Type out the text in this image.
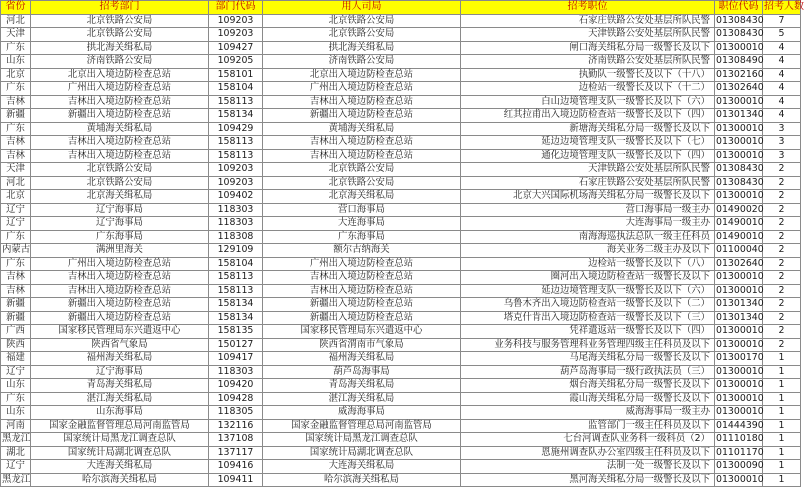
省份	招考部门	部门代码	用人司局	招考职位	职位代码	招考人数
河北	北京铁路公安局	109203	北京铁路公安局	石家庄铁路公安处基层所队民警	01308430	7
天津	北京铁路公安局	109203	北京铁路公安局	天津铁路公安处基层所队民警	01308430	5
广东	拱北海关缉私局	109427	拱北海关缉私局	闸口海关缉私分局一级警长及以下	01300010	4
山东	济南铁路公安局	109205	济南铁路公安局	济南铁路公安处基层所队民警	01308490	4
北京	北京出入境边防检查总站	158101	北京出入境边防检查总站	执勤队一级警长及以下（十八）	01302160	4
广东	广州出入境边防检查总站	158104	广州出入境边防检查总站	边检站一级警长及以下（十二）	01302640	4
吉林	吉林出入境边防检查总站	158113	吉林出入境边防检查总站	白山边境管理支队一级警长及以下（六）	01300010	4
新疆	新疆出入境边防检查总站	158134	新疆出入境边防检查总站	红其拉甫出入境边防检查站一级警长及以下（四）	01301340	4
广东	黄埔海关缉私局	109429	黄埔海关缉私局	新塘海关缉私分局一级警长及以下	01300010	3
吉林	吉林出入境边防检查总站	158113	吉林出入境边防检查总站	延边边境管理支队一级警长及以下（七）	01300010	3
吉林	吉林出入境边防检查总站	158113	吉林出入境边防检查总站	通化边境管理支队一级警长及以下（四）	01300010	3
天津	北京铁路公安局	109203	北京铁路公安局	天津铁路公安处基层所队民警	01308430	2
河北	北京铁路公安局	109203	北京铁路公安局	石家庄铁路公安处基层所队民警	01308430	2
北京	北京海关缉私局	109402	北京海关缉私局	北京大兴国际机场海关缉私分局一级警长及以下	01300010	2
辽宁	辽宁海事局	118303	营口海事局	营口海事局一级主办	01490020	2
辽宁	辽宁海事局	118303	大连海事局	大连海事局一级主办	01490010	2
广东	广东海事局	118308	广东海事局	南海海巡执法总队一级主任科员	01490010	2
内蒙古	满洲里海关	129109	额尔古纳海关	海关业务二级主办及以下	01100040	2
广东	广州出入境边防检查总站	158104	广州出入境边防检查总站	边检站一级警长及以下（八）	01302640	2
吉林	吉林出入境边防检查总站	158113	吉林出入境边防检查总站	圈河出入境边防检查站一级警长及以下	01300010	2
吉林	吉林出入境边防检查总站	158113	吉林出入境边防检查总站	延边边境管理支队一级警长及以下（六）	01300010	2
新疆	新疆出入境边防检查总站	158134	新疆出入境边防检查总站	乌鲁木齐出入境边防检查站一级警长及以下（二）	01301340	2
新疆	新疆出入境边防检查总站	158134	新疆出入境边防检查总站	塔克什肯出入境边防检查站一级警长及以下（三）	01301340	2
广西	国家移民管理局东兴遣返中心	158135	国家移民管理局东兴遣返中心	凭祥遣返站一级警长及以下（四）	01300010	2
陕西	陕西省气象局	150127	陕西省渭南市气象局	业务科技与服务管理科业务管理四级主任科员及以下	01300010	2
福建	福州海关缉私局	109417	福州海关缉私局	马尾海关缉私分局一级警长及以下	01300170	1
辽宁	辽宁海事局	118303	葫芦岛海事局	葫芦岛海事局一级行政执法员（三）	01300010	1
山东	青岛海关缉私局	109420	青岛海关缉私局	烟台海关缉私分局一级警长及以下	01300010	1
广东	湛江海关缉私局	109428	湛江海关缉私局	霞山海关缉私分局一级警长及以下	01300010	1
山东	山东海事局	118305	威海海事局	威海海事局一级主办	01300010	1
河南	国家金融监督管理总局河南监管局	132116	国家金融监督管理总局河南监管局	监管部门一级主任科员及以下	01444390	1
黑龙江	国家统计局黑龙江调查总队	137108	国家统计局黑龙江调查总队	七台河调查队业务科一级科员（2）	01110180	1
湖北	国家统计局湖北调查总队	137117	国家统计局湖北调查总队	恩施州调查队办公室四级主任科员及以下	01101170	1
辽宁	大连海关缉私局	109416	大连海关缉私局	法制一处一级警长及以下	01300090	1
黑龙江	哈尔滨海关缉私局	109411	哈尔滨海关缉私局	黑河海关缉私分局一级警长及以下	01300010	1
